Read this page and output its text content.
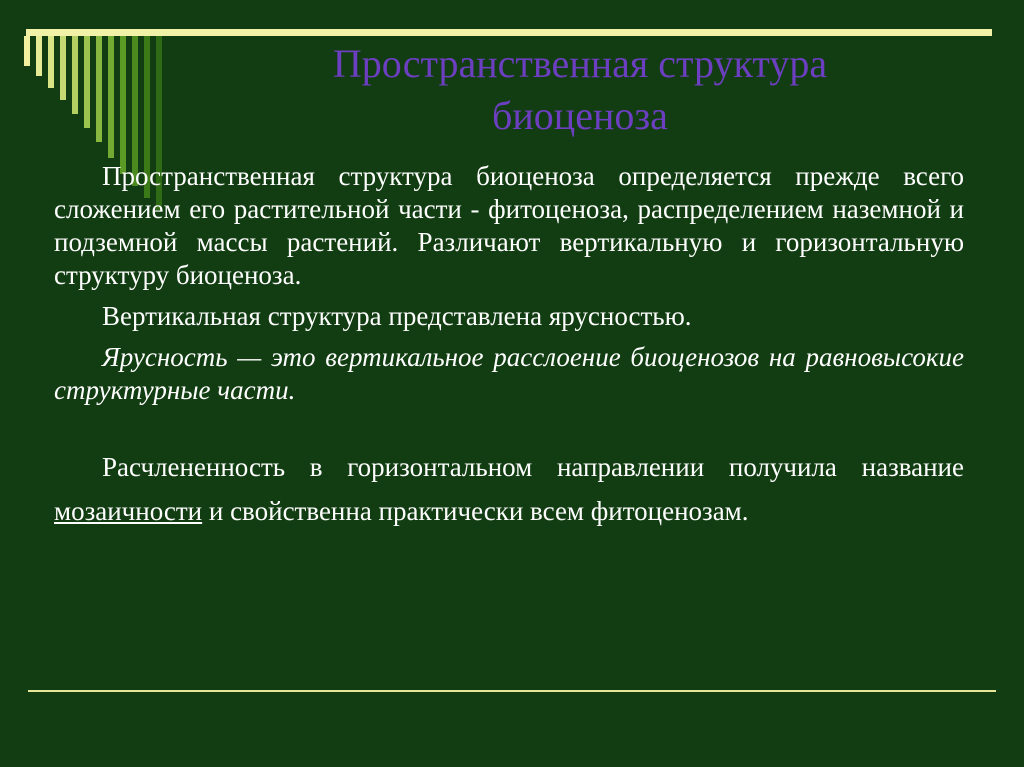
Пространственная структура биоценоза

Пространственная структура биоценоза определяется прежде всего сложением его растительной части - фитоценоза, распределением наземной и подземной массы растений. Различают вертикальную и горизонтальную структуру биоценоза.

Вертикальная структура представлена ярусностью.

Ярусность — это вертикальное расслоение биоценозов на равновысокие структурные части.

Расчлененность в горизонтальном направлении получила название мозаичности и свойственна практически всем фитоценозам.
